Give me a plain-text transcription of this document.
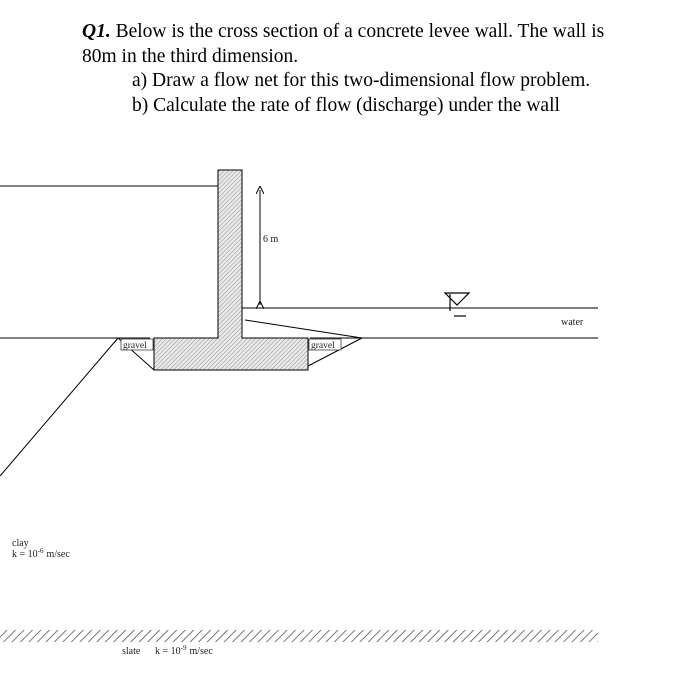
Q1. Below is the cross section of a concrete levee wall. The wall is 80m in the third dimension.

a) Draw a flow net for this two-dimensional flow problem.

b) Calculate the rate of flow (discharge) under the wall

6 m
water
gravel	gravel
clay
$k = 10^{-6}$ m/sec
slate $k = 10^{-9}$ m/sec
